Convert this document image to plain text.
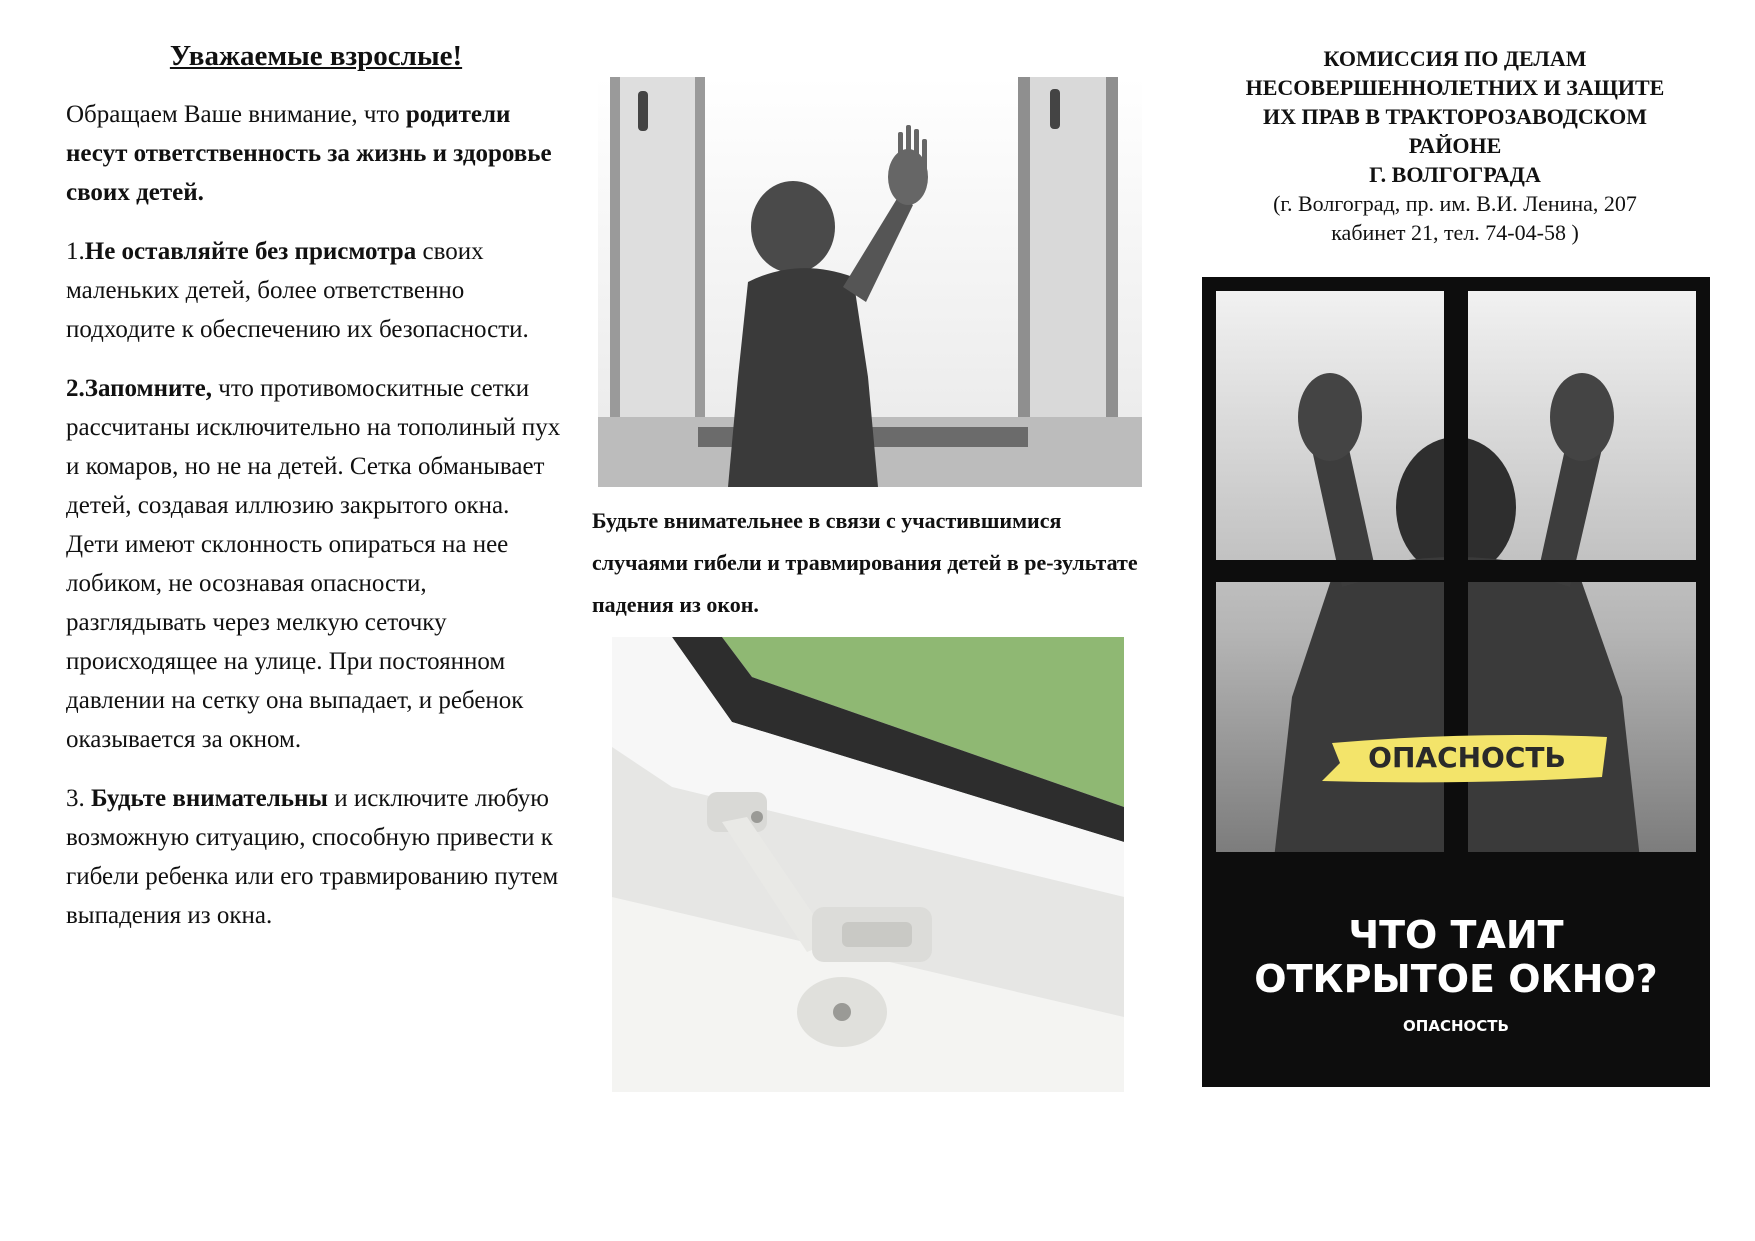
Уважаемые взрослые!

Обращаем Ваше внимание, что родители несут ответственность за жизнь и здоровье своих детей.

1.Не оставляйте без присмотра своих маленьких детей, более ответственно подходите к обеспечению их безопасности.

2.Запомните, что противомоскитные сетки рассчитаны исключительно на тополиный пух и комаров, но не на детей. Сетка обманывает детей, создавая иллюзию закрытого окна. Дети имеют склонность опираться на нее лобиком, не осознавая опасности, разглядывать через мелкую сеточку происходящее на улице. При постоянном давлении на сетку она выпадает, и ребенок оказывается за окном.

3. Будьте внимательны и исключите любую возможную ситуацию, способную привести к гибели ребенка или его травмированию путем выпадения из окна.

Будьте внимательнее в связи с участившимися случаями гибели и травмирования детей в ре-зультате падения из окон.
КОМИССИЯ ПО ДЕЛАМ
НЕСОВЕРШЕННОЛЕТНИХ И ЗАЩИТЕ
ИХ ПРАВ В ТРАКТОРОЗАВОДСКОМ
РАЙОНЕ
Г. ВОЛГОГРАДА
(г. Волгоград, пр. им. В.И. Ленина, 207
кабинет 21, тел. 74-04-58 )
ОПАСНОСТЬ
ЧТО ТАИТ
ОТКРЫТОЕ ОКНО?
ОПАСНОСТЬ
